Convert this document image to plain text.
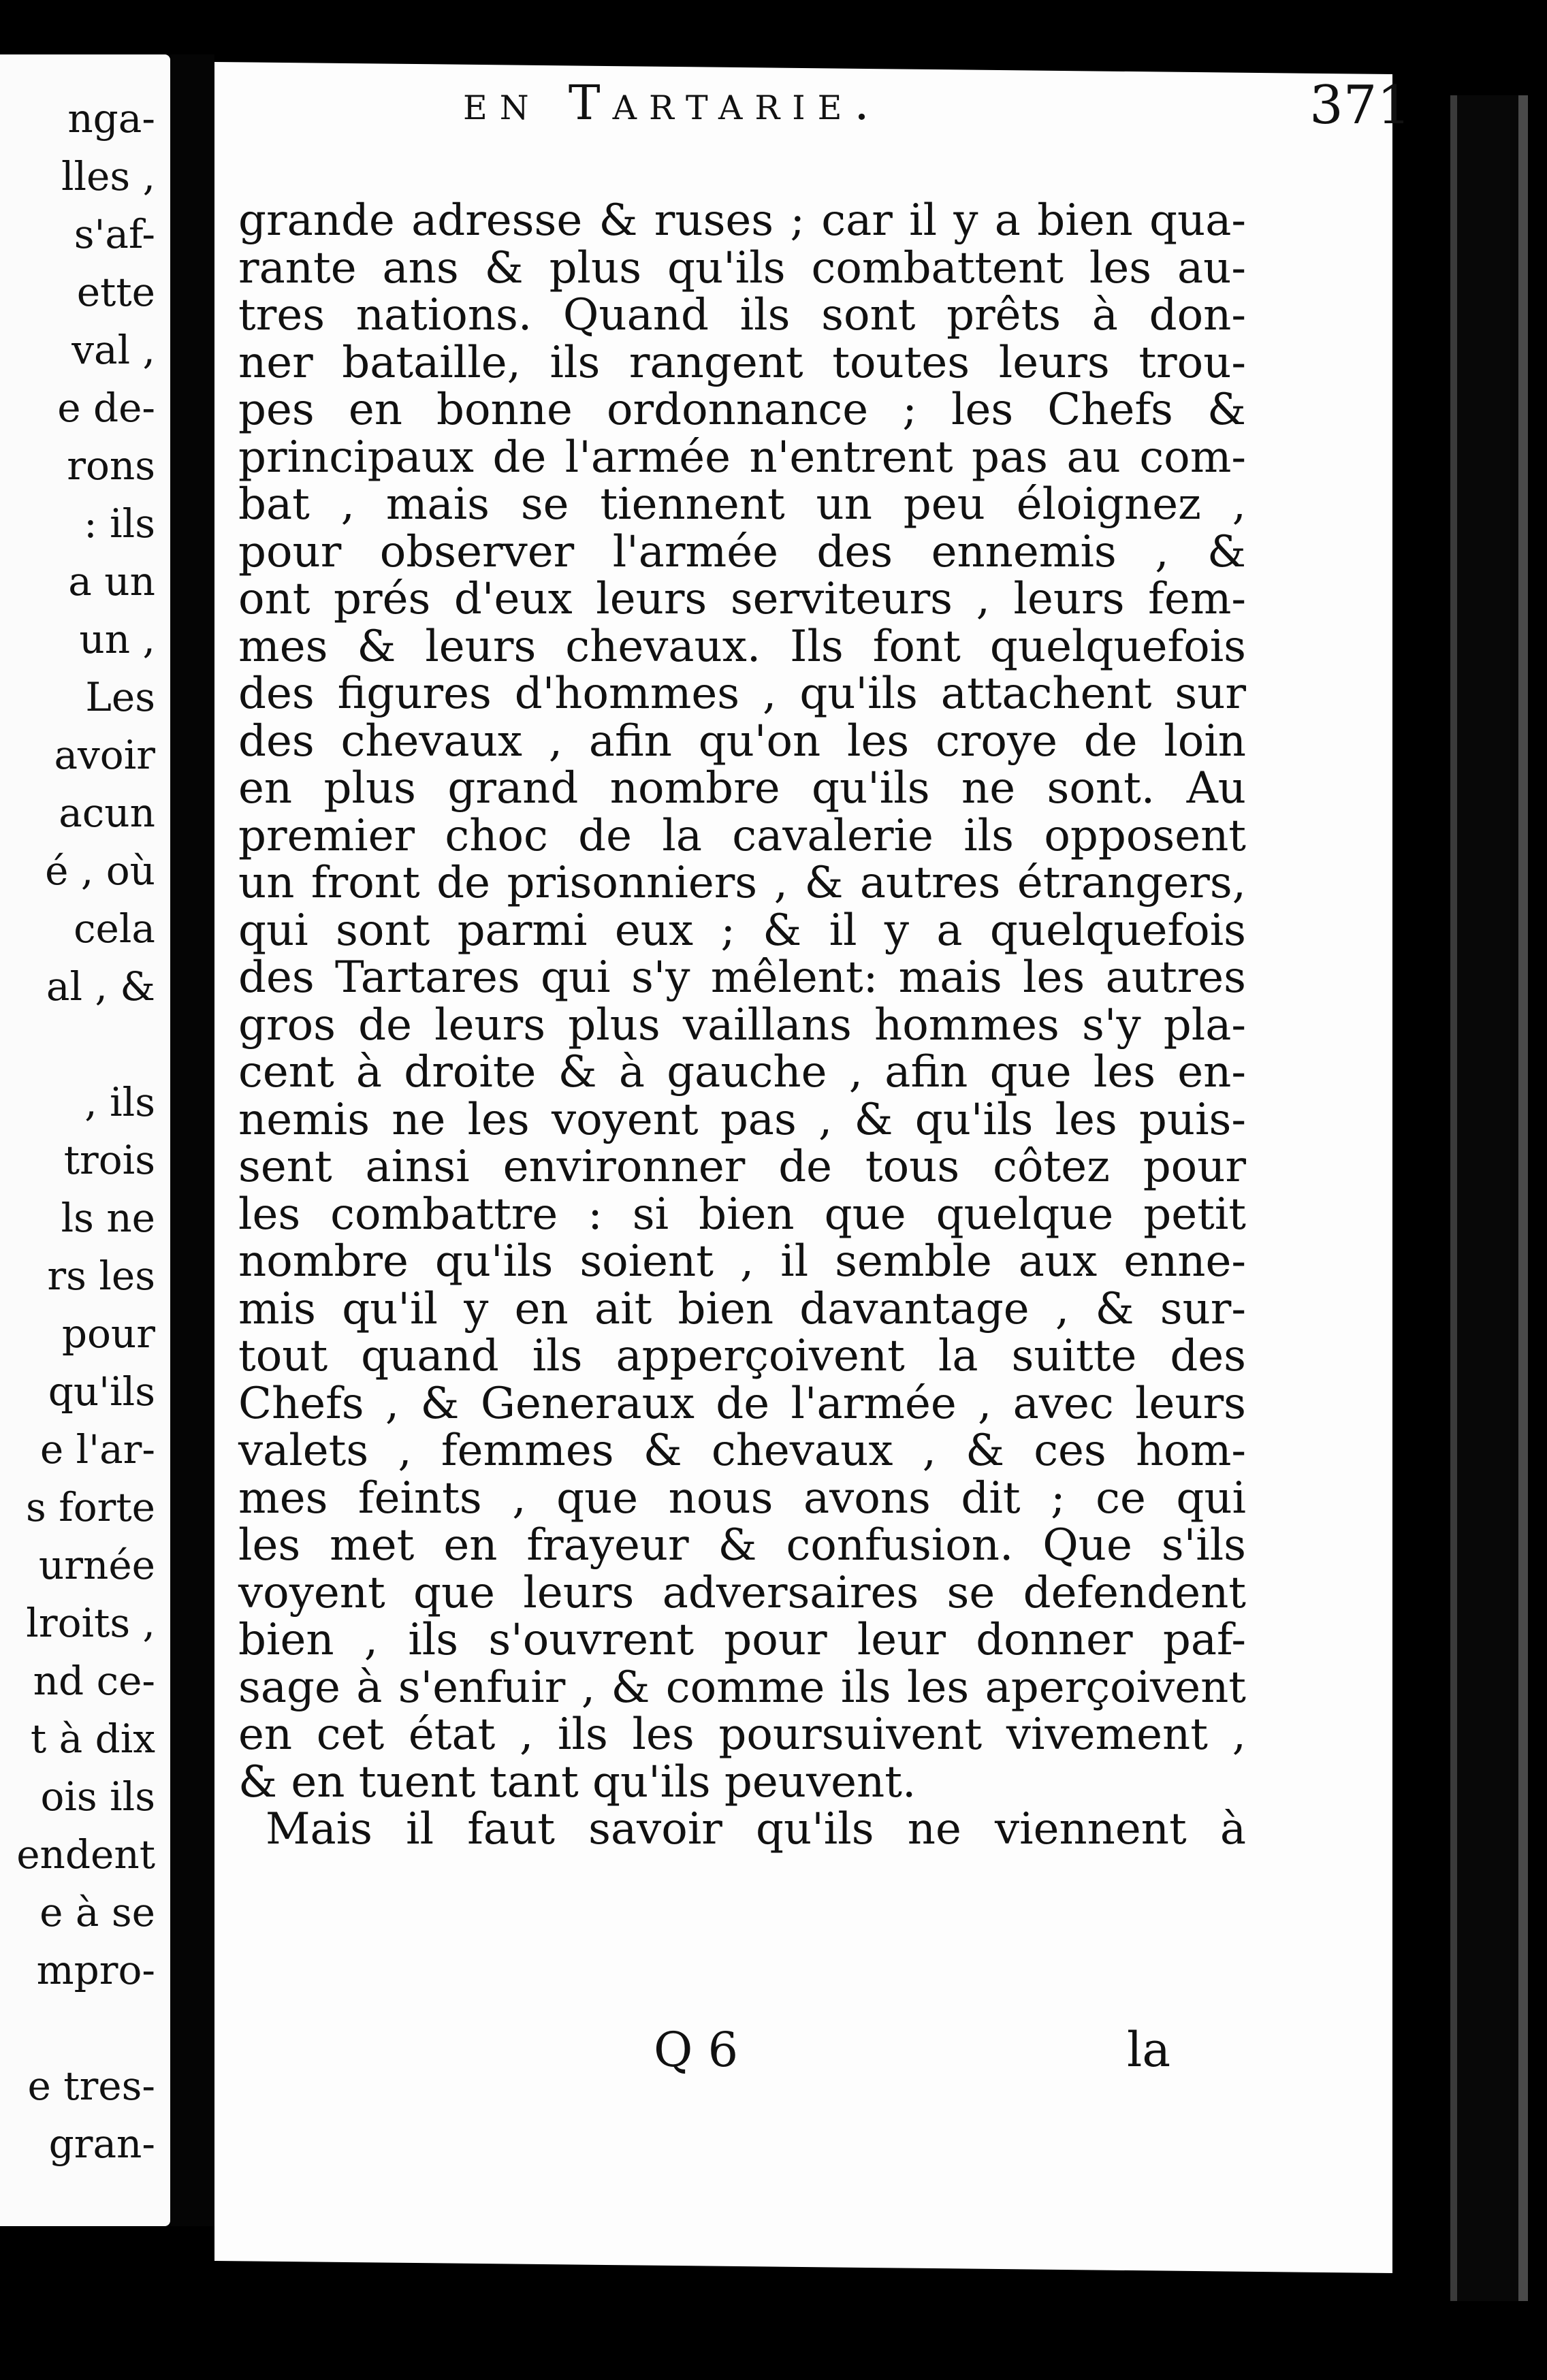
nga-
lles ,
s'af-
ette
val ,
e de-
rons
: ils
a un
un ,
Les
avoir
acun
é , où
cela
al , &
, ils
trois
ls ne
rs les
pour
qu'ils
e l'ar-
s forte
urnée
lroits ,
nd ce-
t à dix
ois ils
endent
e à se
mpro-
e tres-
gran-
en Tartarie.	371
grande adresse & ruses ; car il y a bien qua-
rante ans & plus qu'ils combattent les au-
tres nations. Quand ils sont prêts à don-
ner bataille, ils rangent toutes leurs trou-
pes en bonne ordonnance ; les Chefs &
principaux de l'armée n'entrent pas au com-
bat , mais se tiennent un peu éloignez ,
pour observer l'armée des ennemis , &
ont prés d'eux leurs serviteurs , leurs fem-
mes & leurs chevaux. Ils font quelquefois
des figures d'hommes , qu'ils attachent sur
des chevaux , afin qu'on les croye de loin
en plus grand nombre qu'ils ne sont. Au
premier choc de la cavalerie ils opposent
un front de prisonniers , & autres étrangers,
qui sont parmi eux ; & il y a quelquefois
des Tartares qui s'y mêlent: mais les autres
gros de leurs plus vaillans hommes s'y pla-
cent à droite & à gauche , afin que les en-
nemis ne les voyent pas , & qu'ils les puis-
sent ainsi environner de tous côtez pour
les combattre : si bien que quelque petit
nombre qu'ils soient , il semble aux enne-
mis qu'il y en ait bien davantage , & sur-
tout quand ils apperçoivent la suitte des
Chefs , & Generaux de l'armée , avec leurs
valets , femmes & chevaux , & ces hom-
mes feints , que nous avons dit ; ce qui
les met en frayeur & confusion. Que s'ils
voyent que leurs adversaires se defendent
bien , ils s'ouvrent pour leur donner paf-
sage à s'enfuir , & comme ils les aperçoivent
en cet état , ils les poursuivent vivement ,
& en tuent tant qu'ils peuvent.
Mais il faut savoir qu'ils ne viennent à
Q 6	la
